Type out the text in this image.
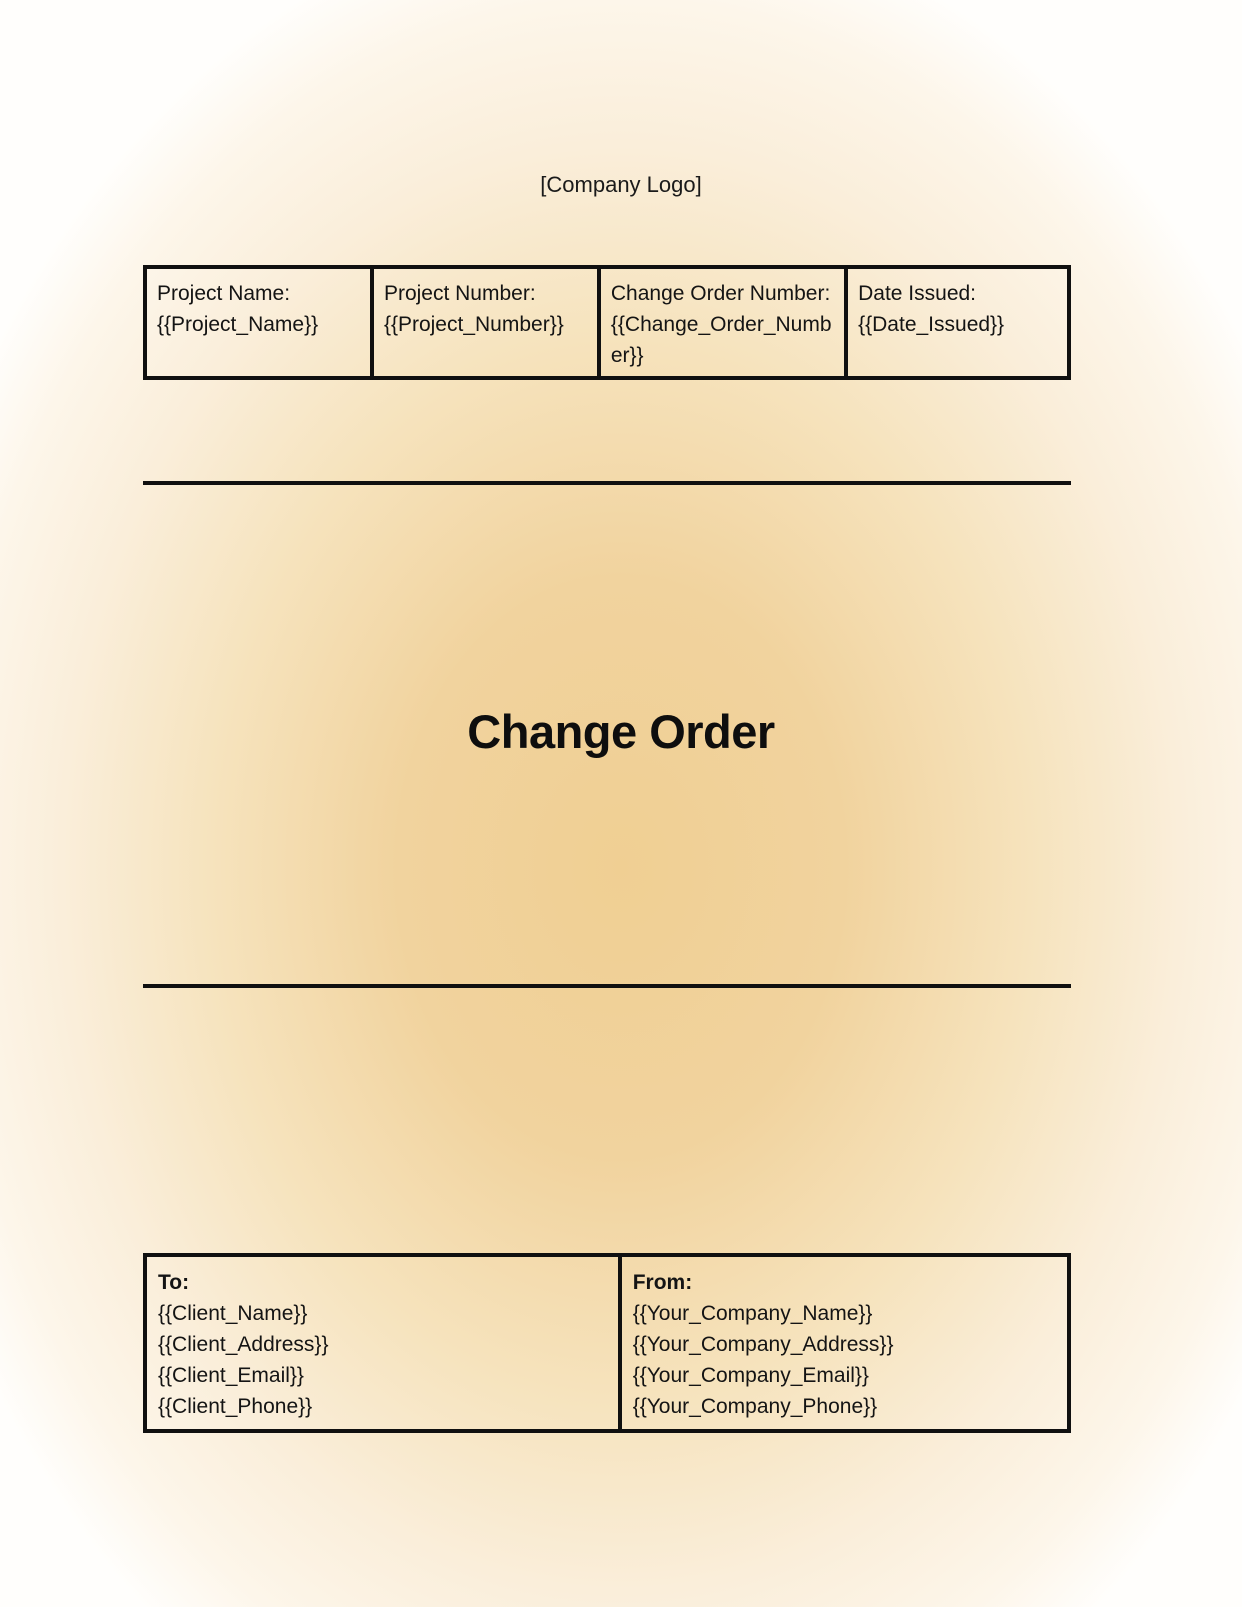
[Company Logo]
Project Name:
{{Project_Name}}
Project Number:
{{Project_Number}}
Change Order Number:
{{Change_Order_Number}}
Date Issued:
{{Date_Issued}}
Change Order
To:
{{Client_Name}}
{{Client_Address}}
{{Client_Email}}
{{Client_Phone}}
From:
{{Your_Company_Name}}
{{Your_Company_Address}}
{{Your_Company_Email}}
{{Your_Company_Phone}}
